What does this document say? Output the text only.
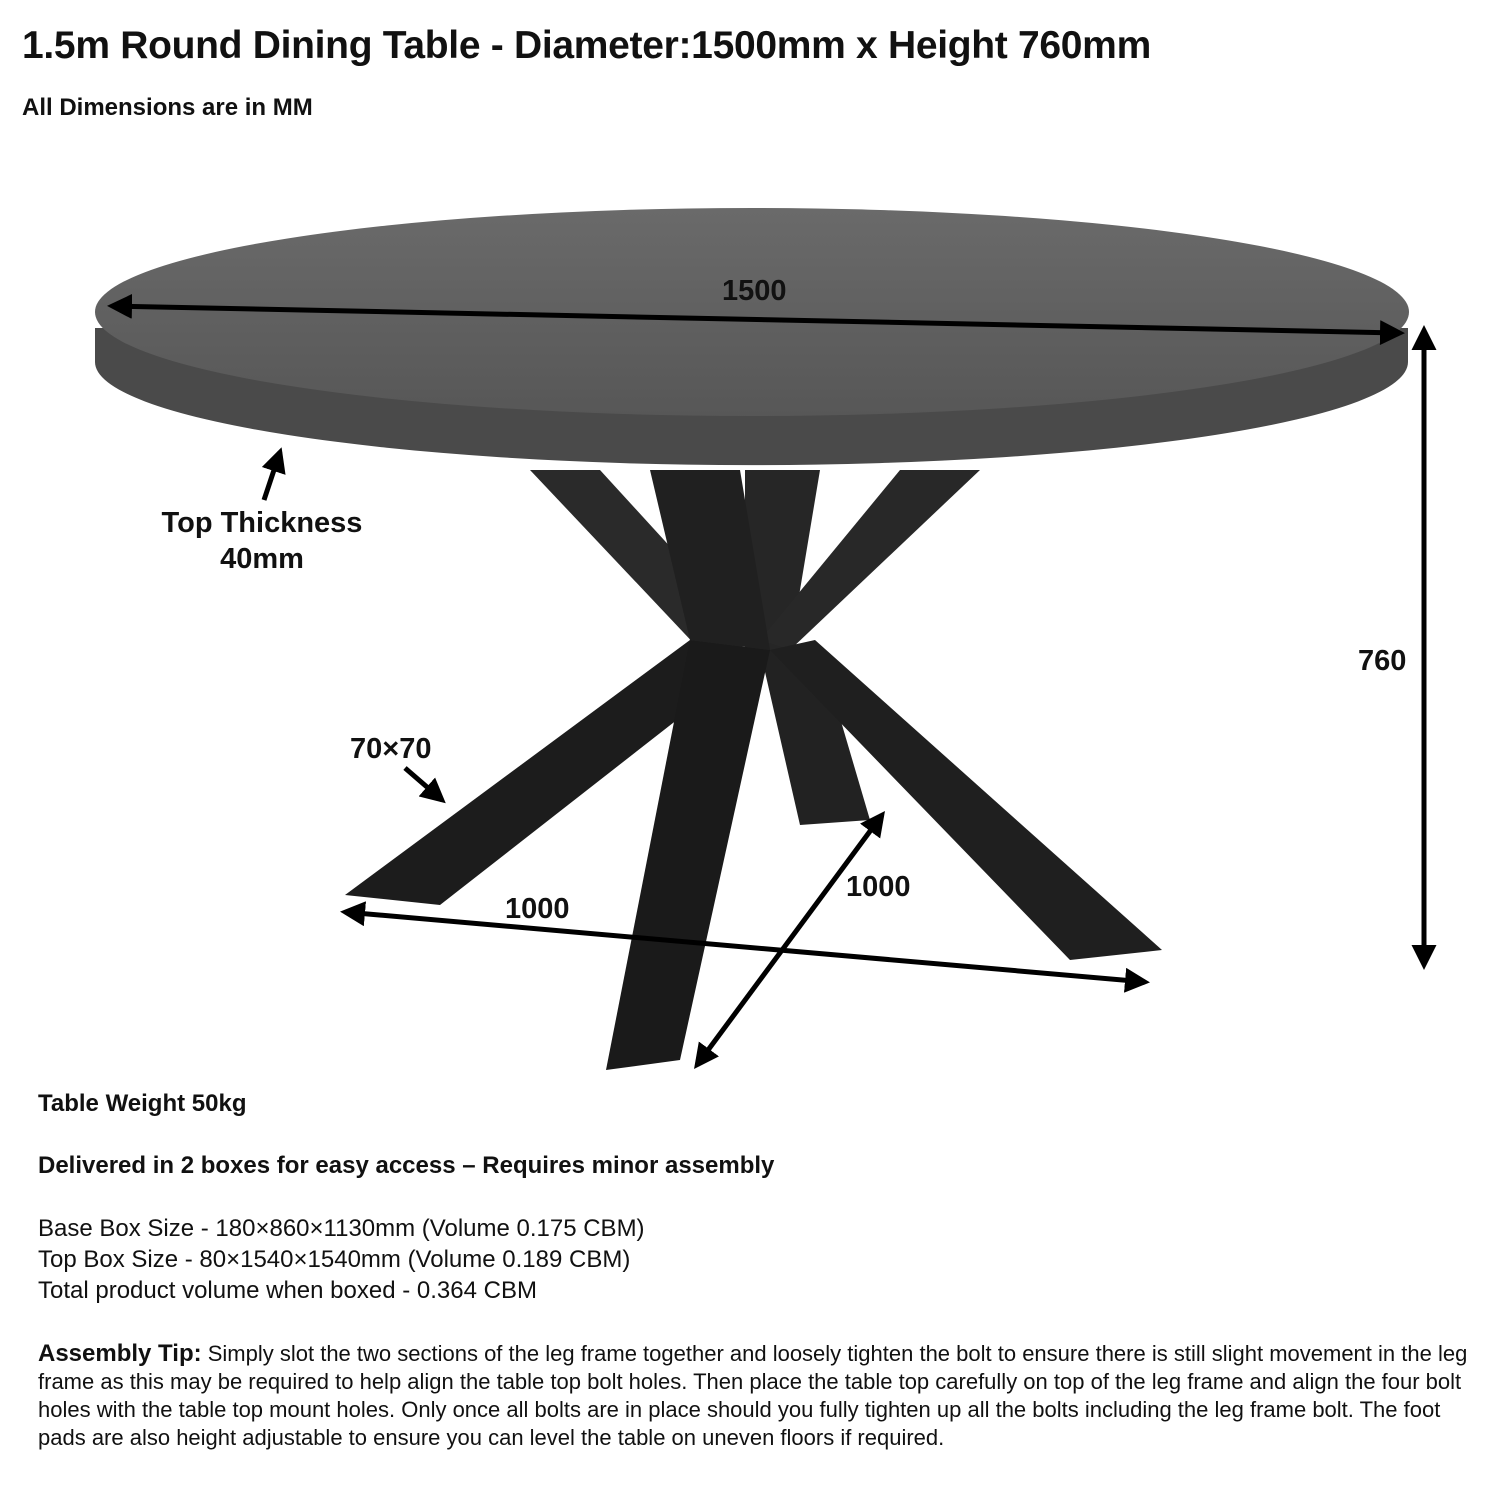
1.5m Round Dining Table - Diameter:1500mm x Height 760mm
All Dimensions are in MM
1500
760
Top Thickness
40mm
70×70
1000
1000
Table Weight 50kg
Delivered in 2 boxes for easy access – Requires minor assembly
Base Box Size - 180×860×1130mm (Volume 0.175 CBM)
Top Box Size - 80×1540×1540mm (Volume 0.189 CBM)
Total product volume when boxed - 0.364 CBM
Assembly Tip: Simply slot the two sections of the leg frame together and loosely tighten the bolt to ensure there is still slight movement in the leg frame as this may be required to help align the table top bolt holes. Then place the table top carefully on top of the leg frame and align the four bolt holes with the table top mount holes. Only once all bolts are in place should you fully tighten up all the bolts including the leg frame bolt. The foot pads are also height adjustable to ensure you can level the table on uneven floors if required.
